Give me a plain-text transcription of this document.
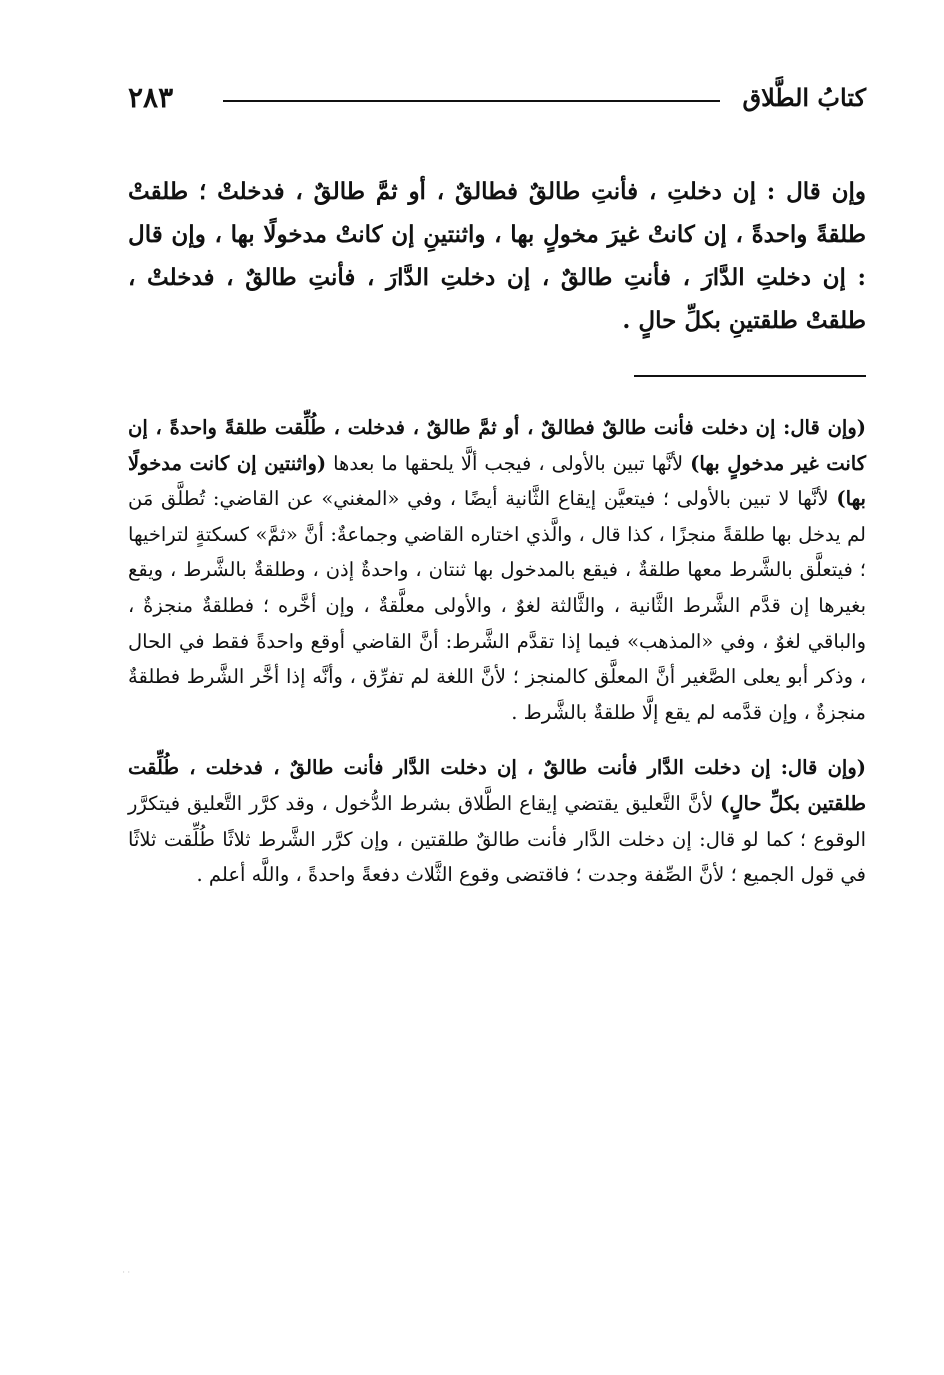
كتابُ الطَّلاق
٢٨٣
وإن قال : إن دخلتِ ، فأنتِ طالقٌ فطالقٌ ، أو ثمَّ طالقٌ ، فدخلتْ ؛ طلقتْ طلقةً واحدةً ، إن كانتْ غيرَ مخولٍ بها ، واثنتينِ إن كانتْ مدخولًا بها ، وإن قال : إن دخلتِ الدَّارَ ، فأنتِ طالقٌ ، إن دخلتِ الدَّارَ ، فأنتِ طالقٌ ، فدخلتْ ، طلقتْ طلقتينِ بكلِّ حالٍ .

(وإن قال: إن دخلت فأنت طالقٌ فطالقٌ ، أو ثمَّ طالقٌ ، فدخلت ، طُلِّقت طلقةً واحدةً ، إن كانت غير مدخولٍ بها) لأنَّها تبين بالأولى ، فيجب ألَّا يلحقها ما بعدها (واثنتين إن كانت مدخولًا بها) لأنَّها لا تبين بالأولى ؛ فيتعيَّن إيقاع الثَّانية أيضًا ، وفي «المغني» عن القاضي: تُطلَّق مَن لم يدخل بها طلقةً منجزًا ، كذا قال ، والَّذي اختاره القاضي وجماعةٌ: أنَّ «ثمَّ» كسكتةٍ لتراخيها ؛ فيتعلَّق بالشَّرط معها طلقةٌ ، فيقع بالمدخول بها ثنتان ، واحدةٌ إذن ، وطلقةٌ بالشَّرط ، ويقع بغيرها إن قدَّم الشَّرط الثَّانية ، والثَّالثة لغوٌ ، والأولى معلَّقةٌ ، وإن أخَّره ؛ فطلقةٌ منجزةٌ ، والباقي لغوٌ ، وفي «المذهب» فيما إذا تقدَّم الشَّرط: أنَّ القاضي أوقع واحدةً فقط في الحال ، وذكر أبو يعلى الصَّغير أنَّ المعلَّق كالمنجز ؛ لأنَّ اللغة لم تفرِّق ، وأنَّه إذا أخَّر الشَّرط فطلقةٌ منجزةٌ ، وإن قدَّمه لم يقع إلَّا طلقةٌ بالشَّرط .

(وإن قال: إن دخلت الدَّار فأنت طالقٌ ، إن دخلت الدَّار فأنت طالقٌ ، فدخلت ، طُلِّقت طلقتين بكلِّ حالٍ) لأنَّ التَّعليق يقتضي إيقاع الطَّلاق بشرط الدُّخول ، وقد كرَّر التَّعليق فيتكرَّر الوقوع ؛ كما لو قال: إن دخلت الدَّار فأنت طالقٌ طلقتين ، وإن كرَّر الشَّرط ثلاثًا طُلِّقت ثلاثًا في قول الجميع ؛ لأنَّ الصِّفة وجدت ؛ فاقتضى وقوع الثَّلاث دفعةً واحدةً ، واللَّه أعلم .

· ·
